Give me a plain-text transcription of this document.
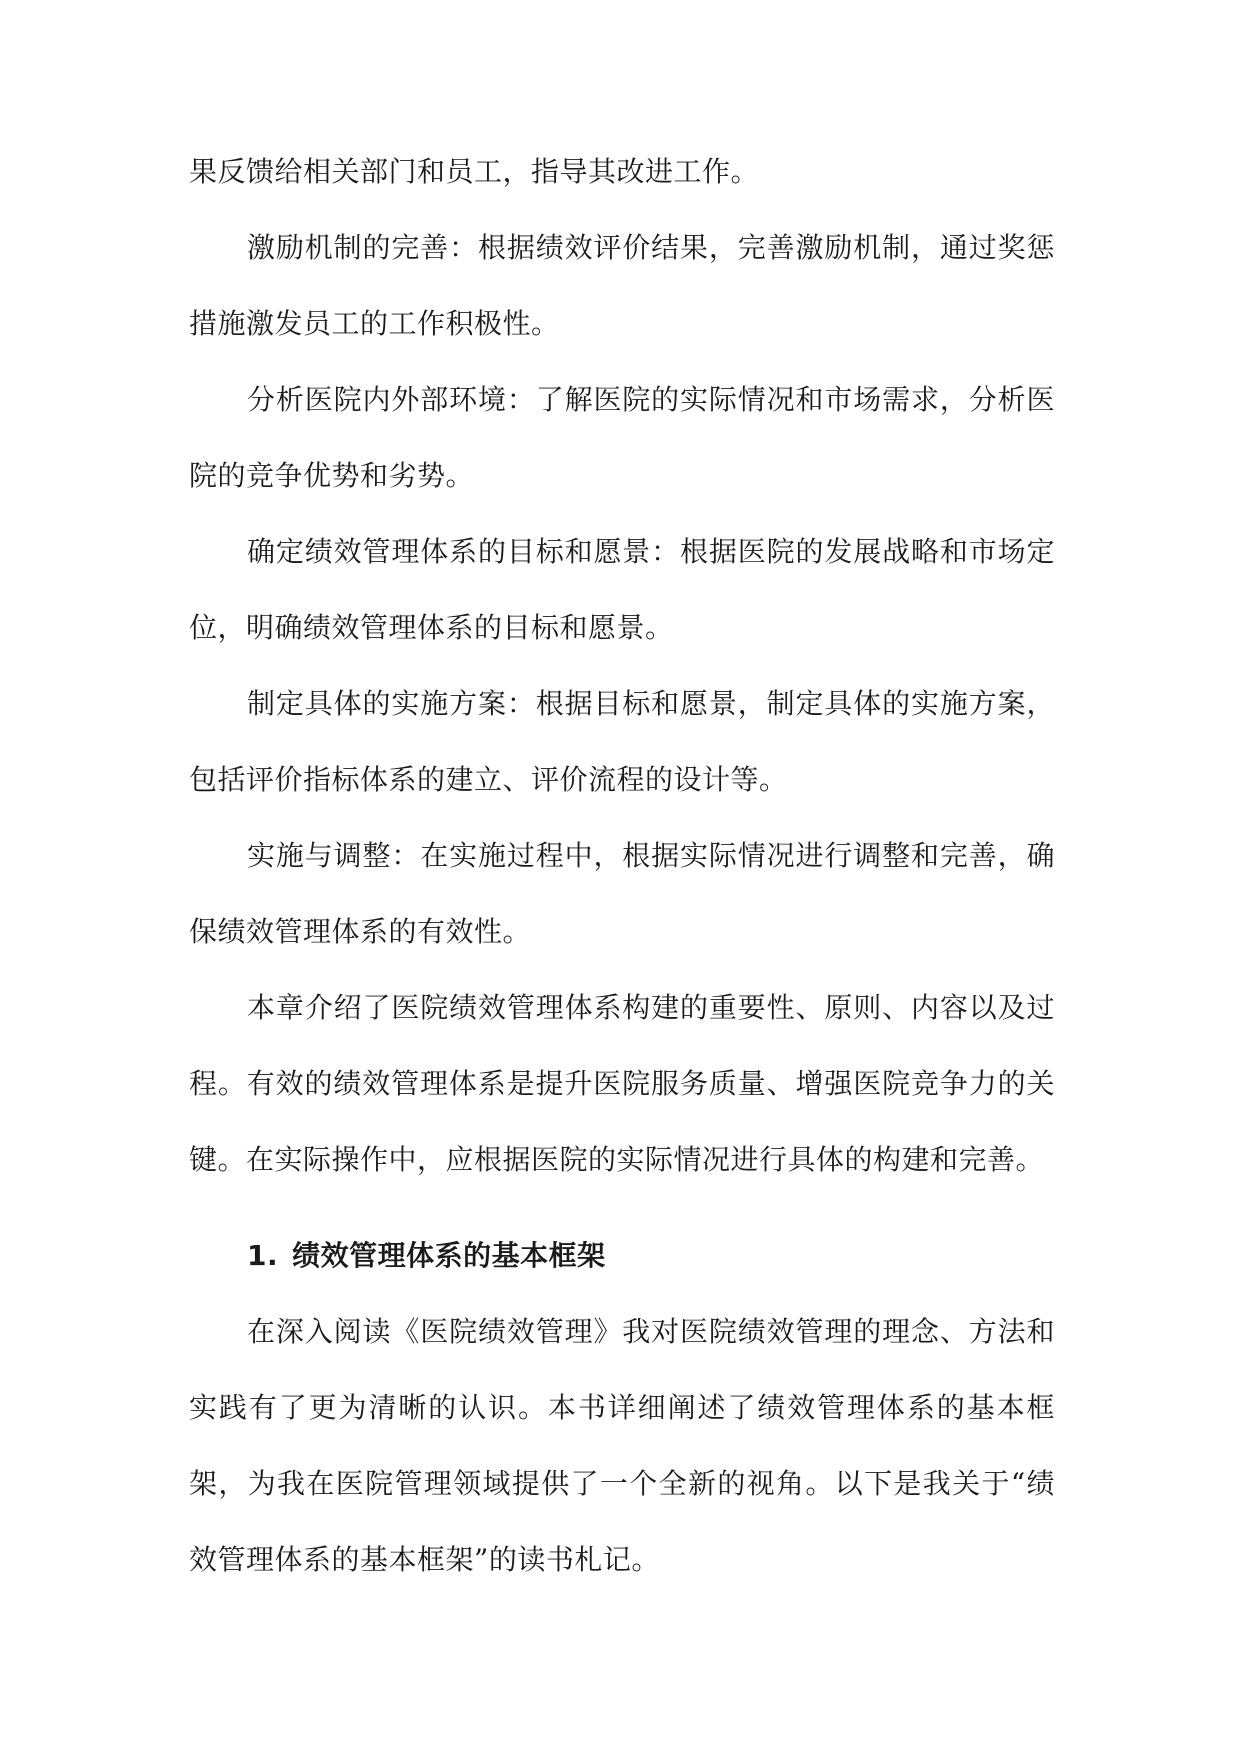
果反馈给相关部门和员工，指导其改进工作。

激励机制的完善：根据绩效评价结果，完善激励机制，通过奖惩措施激发员工的工作积极性。

分析医院内外部环境：了解医院的实际情况和市场需求，分析医院的竞争优势和劣势。

确定绩效管理体系的目标和愿景：根据医院的发展战略和市场定位，明确绩效管理体系的目标和愿景。

制定具体的实施方案：根据目标和愿景，制定具体的实施方案，包括评价指标体系的建立、评价流程的设计等。

实施与调整：在实施过程中，根据实际情况进行调整和完善，确保绩效管理体系的有效性。

本章介绍了医院绩效管理体系构建的重要性、原则、内容以及过程。有效的绩效管理体系是提升医院服务质量、增强医院竞争力的关键。在实际操作中，应根据医院的实际情况进行具体的构建和完善。

1. 绩效管理体系的基本框架

在深入阅读《医院绩效管理》我对医院绩效管理的理念、方法和实践有了更为清晰的认识。本书详细阐述了绩效管理体系的基本框架，为我在医院管理领域提供了一个全新的视角。以下是我关于“绩效管理体系的基本框架”的读书札记。
